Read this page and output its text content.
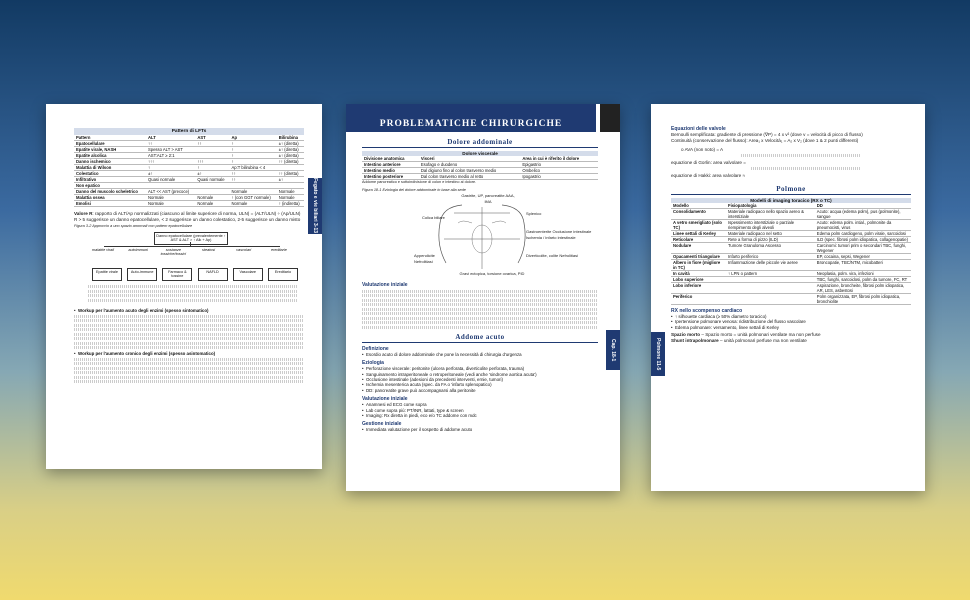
Fegato e vie biliari 3-13
Pattern di LFTs
Pattern	ALT	AST	Ap	Bilirubina
Epatocellulare	↑↑	↑↑	↑	±↑ (diretta)
Epatite virale, NASH	Spesso ALT > AST		↑	±↑ (diretta)
Epatite alcolica	AST:ALT ≥ 2:1		↑	±↑ (diretta)
Danno ischemico	↑↑↑	↑↑↑	↑	↑↑ (diretta)
Malattia di Wilson	↑	↑	Ap:T bilirubina < 4	
Colestatico	±↑	±↑	↑↑	↑↑ (diretta)
Infiltrativo	Quasi normale	Quasi normale	↑↑	±↑
Non epatico				
Danno del muscolo scheletrico	ALT << AST (precoce)		Normale	Normale
Malattia ossea	Normale	Normale	↑ (con GGT normale)	Normale
Emolisi	Normale	Normale	Normale	↑ (indiretta)
Valore R: rapporto di ALT/Ap normalizzati (ciascuno al limite superiore di norma, ULN) = (ALT/ULN) ÷ (Ap/ULN)
R > 5 suggerisce un danno epatocellulare, < 2 suggerisce un danno colestatico, 2-5 suggerisce un danno misto
Figura 3-2 Approccio a uno spazio anormali con pattern epatocellulare
Danno epatocellulare (prevalentemente ↑ AST & ALT > ↑ Alk + Ap)
malattie virali	autoimmuni	sostanze tossiche/tossici
steatosi	vascolari	ereditarie
Epatite virale	Auto-immune	Farmaco & tossine
NAFLD	Vascolare	Ereditario
• Workup per l'aumento acuto degli enzimi (spesso sintomatico)
• Workup per l'aumento cronico degli enzimi (spesso asintomatico)
PROBLEMATICHE CHIRURGICHE
Cap. 18-1
Dolore addominale
Dolore viscerale
Divisione anatomica	Visceri	Area in cui è riferito il dolore
Intestino anteriore	Esofago e duodeno	Epigastrio
Intestino medio	Dal digiuno fino al colon trasverso medio	Ombelico
Intestino posteriore	Dal colon trasverso medio al retto	Ipogastrio
Addome pancreatico e sottoindivisione di colon e intestino al dolore.
Figura 18-1 Eziologia del dolore addominale in base alla sede
Gastrite, UP, pancreatite AAA, IMA
Colica biliare
Splenico
Gastroenterite Occlusione intestinale Ischemia / infarto intestinale
Appendicite Nefrolitiasi
Diverticolite, colite Nefrolitiasi
Gravi ectopica, torsione ovarica, PID
Valutazione iniziale
Addome acuto
Definizione
• Esordio acuto di dolore addominale che pone la necessità di chirurgia d'urgenza
Eziologia
• Perforazione viscerale: peritonite (ulcera perforata, diverticolite perforata, trauma)
• Sanguinamento intraperitoneale o retroperitoneale (vedi anche 'sindrome aortica acuta')
• Occlusione intestinale (adesioni da precedenti interventi, ernie, tumori)
• Ischemia mesenterica acuta (spec. da FA o 'infarto splenopatico)
• DD: pancreatite grave può accompagnarsi alla peritonite
Valutazione iniziale
• Anamnesi ed ECG come sopra
• Lab come sopra più: PT/INR, lattati, type & screen
• Imaging: Rx diretta in piedi, eco e/o TC addome con mdc
Gestione iniziale
• Immediata valutazione per il sospetto di addome acuto
Polmone 11-5
Equazioni delle valvole
Bernoulli semplificata: gradiente di pressione (∇P) = 4 x v² (dove v = velocità di picco di flusso)
Continuità (conservazione del flusso): Area₁ x Velocità₁ = A₂ x V₂ (dove 1 & 2 punti differenti)
o AVA (non noto) = A
equazione di Gorlin: area valvolare =
equazione di Hakki: area valvolare ≈
Polmone
Modelli di imaging toracico (RX o TC)
Modello	Fisiopatologia	DD
Consolidamento	Materiale radiopaco nello spazio aereo & interstiziale	Acuto: acqua (edema polm), pus (polmonite), sangue
A vetro smerigliato (solo TC)	Ispessimento interstiziale o parziale riempimento degli alveoli	Acuto: edema polm. intial., polmonite da pneumocisti, virus
Linee settali di Kerley	Materiale radiopaco nel setto	Edema polm cardiogeno, polm virale, sarcoidosi
Reticolare	Rete a forma di pizzo (ILD)	ILD (spec. fibrosi polm idiopatica, collagenopatie)
Nodulare	Tumore Granuloma Ascesso	Carcinomi: tumori prim o secondari TBC, funghi, Wegener
Opacamenti triangolare	Infarto periferico	EP, cocaina, sepsi, Wegener
Albero in fiore (migliore in TC)	Infiammazione delle piccole vie aeree	Broncopatie, TBC/NTM, micobatteri
In cavità	↑ LPN o pattern	Neoplasia, polm. vira, infezioni
Lobo superiore		TBC, funghi, sarcoidosi, polm da tumore, FC, RT
Lobo inferiore		Aspirazione, broncheite, fibrosi polm idiopatica, AR, LES, asbestosi
Periferico		Polm organizzata, EP, fibrosi polm idiopatica, bronchiolite
RX nello scompenso cardiaco
• ↑ silhouette cardiaca (≥ 50% diametro toracico)
• Ipertensione polmonare venosa: ridistribuzione del flusso vascolare
• Edema polmonare: versamento, linee settali di Kerley
Spazio morto – Spazio morto = unità polmonari ventilate ma non perfuse
Shunt intrapolmonare – unità polmonari perfuse ma non ventilate
